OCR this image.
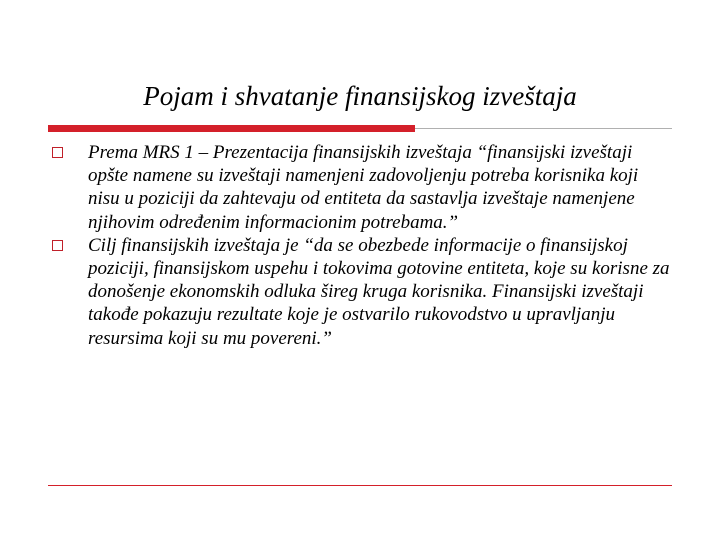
Pojam i shvatanje finansijskog izveštaja
Prema MRS 1 – Prezentacija finansijskih izveštaja “finansijski izveštaji opšte namene su izveštaji namenjeni zadovoljenju potreba korisnika koji nisu u poziciji da zahtevaju od entiteta da sastavlja izveštaje namenjene njihovim određenim informacionim potrebama.”
Cilj finansijskih izveštaja je “da se obezbede informacije o finansijskoj poziciji, finansijskom uspehu i tokovima gotovine entiteta, koje su korisne za donošenje ekonomskih odluka šireg kruga korisnika. Finansijski izveštaji takođe pokazuju rezultate koje je ostvarilo rukovodstvo u upravljanju resursima koji su mu povereni.”
